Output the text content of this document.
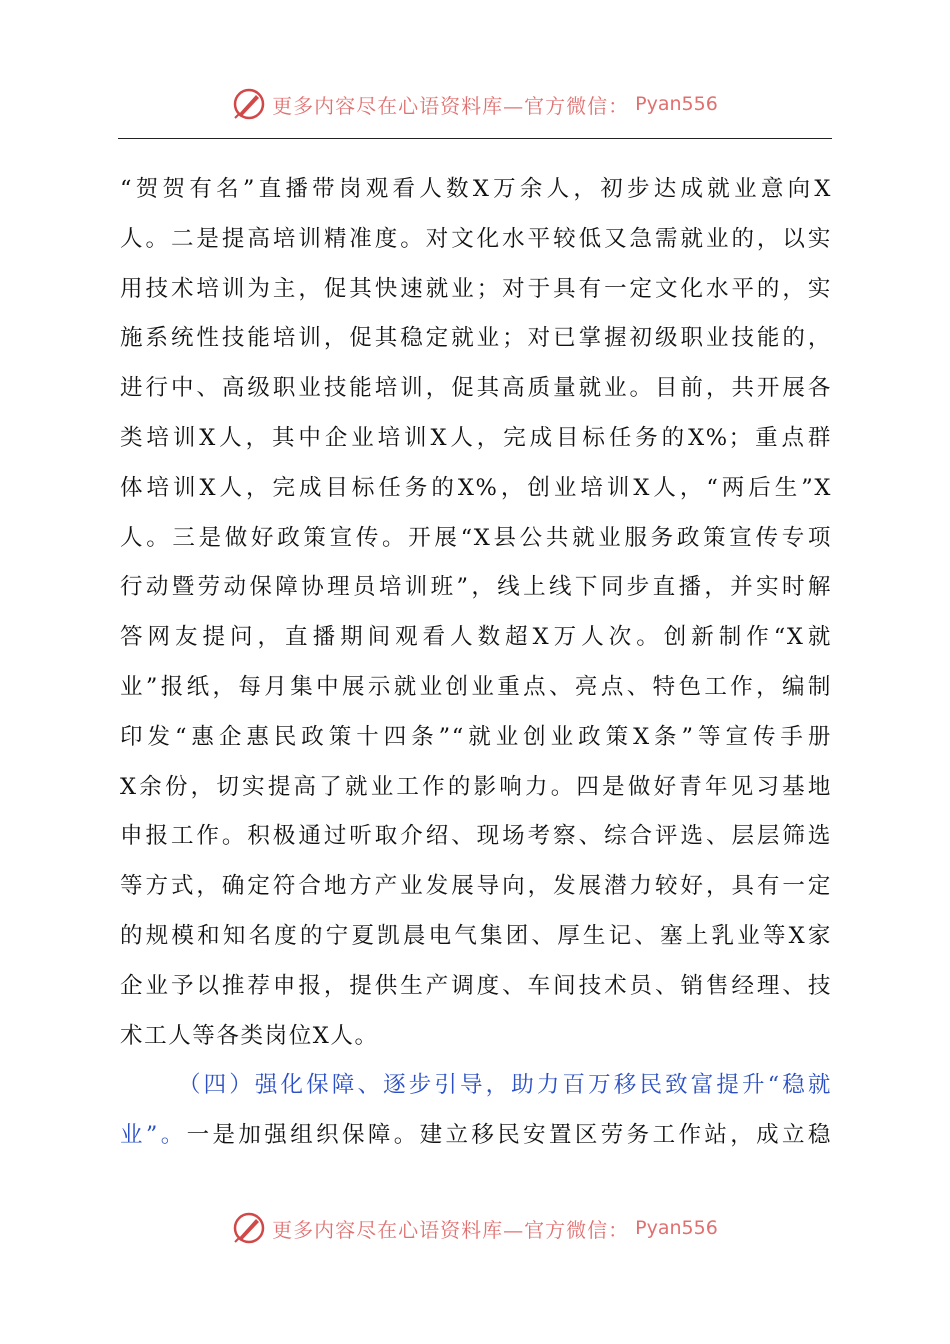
更多内容尽在心语资料库—官方微信： Pyan556
“贺贺有名”直播带岗观看人数X万余人，初步达成就业意向X
人。二是提高培训精准度。对文化水平较低又急需就业的，以实
用技术培训为主，促其快速就业；对于具有一定文化水平的，实
施系统性技能培训，促其稳定就业；对已掌握初级职业技能的，
进行中、高级职业技能培训，促其高质量就业。目前，共开展各
类培训X人，其中企业培训X人，完成目标任务的X%；重点群
体培训X人，完成目标任务的X%，创业培训X人，“两后生”X
人。三是做好政策宣传。开展“X县公共就业服务政策宣传专项
行动暨劳动保障协理员培训班”，线上线下同步直播，并实时解
答网友提问，直播期间观看人数超X万人次。创新制作“X就
业”报纸，每月集中展示就业创业重点、亮点、特色工作，编制
印发“惠企惠民政策十四条”“就业创业政策X条”等宣传手册
X余份，切实提高了就业工作的影响力。四是做好青年见习基地
申报工作。积极通过听取介绍、现场考察、综合评选、层层筛选
等方式，确定符合地方产业发展导向，发展潜力较好，具有一定
的规模和知名度的宁夏凯晨电气集团、厚生记、塞上乳业等X家
企业予以推荐申报，提供生产调度、车间技术员、销售经理、技
术工人等各类岗位X人。
（四）强化保障、逐步引导，助力百万移民致富提升“稳就
业”。一是加强组织保障。建立移民安置区劳务工作站，成立稳
更多内容尽在心语资料库—官方微信： Pyan556
